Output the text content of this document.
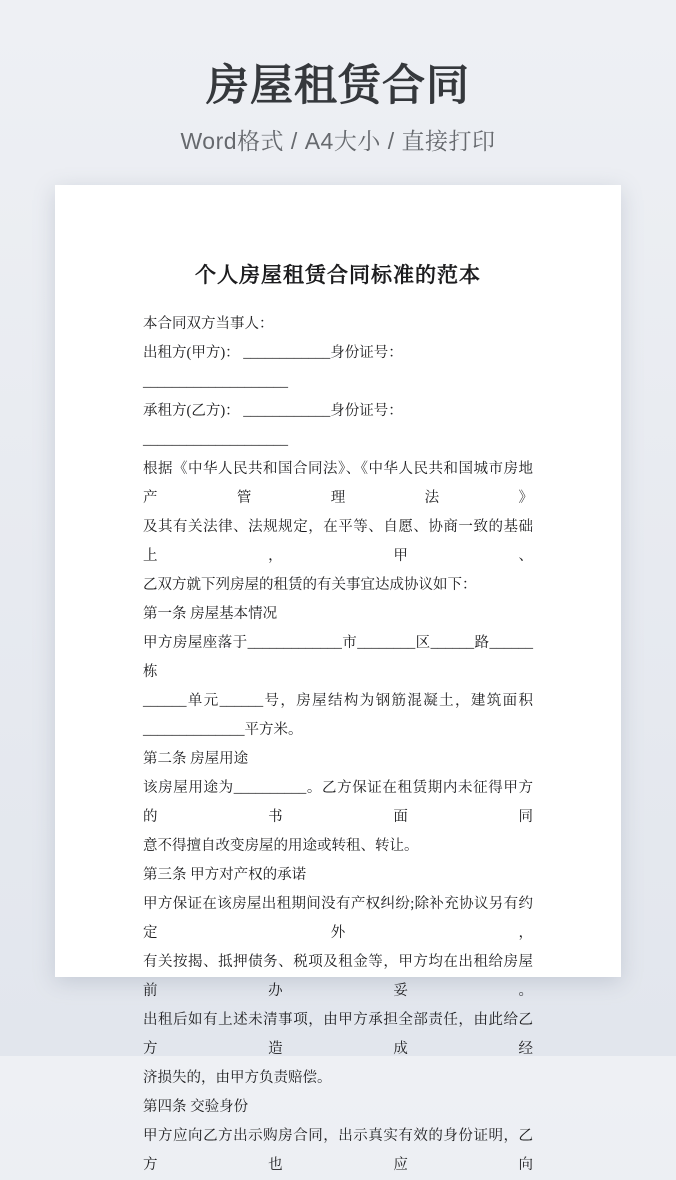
房屋租赁合同
Word格式 / A4大小 / 直接打印
个人房屋租赁合同标准的范本
本合同双方当事人：
出租方(甲方)： ____________身份证号： ____________________
承租方(乙方)： ____________身份证号： ____________________
根据《中华人民共和国合同法》、《中华人民共和国城市房地产管理法》
及其有关法律、法规规定，在平等、自愿、协商一致的基础上，甲、
乙双方就下列房屋的租赁的有关事宜达成协议如下：
第一条 房屋基本情况
甲方房屋座落于_____________市________区______路______栋
______单元______号，房屋结构为钢筋混凝土，建筑面积
______________平方米。
第二条 房屋用途
该房屋用途为__________。乙方保证在租赁期内未征得甲方的书面同
意不得擅自改变房屋的用途或转租、转让。
第三条 甲方对产权的承诺
甲方保证在该房屋出租期间没有产权纠纷;除补充协议另有约定外，
有关按揭、抵押债务、税项及租金等，甲方均在出租给房屋前办妥。
出租后如有上述未清事项，由甲方承担全部责任，由此给乙方造成经
济损失的，由甲方负责赔偿。
第四条 交验身份
甲方应向乙方出示购房合同，出示真实有效的身份证明，乙方也应向
